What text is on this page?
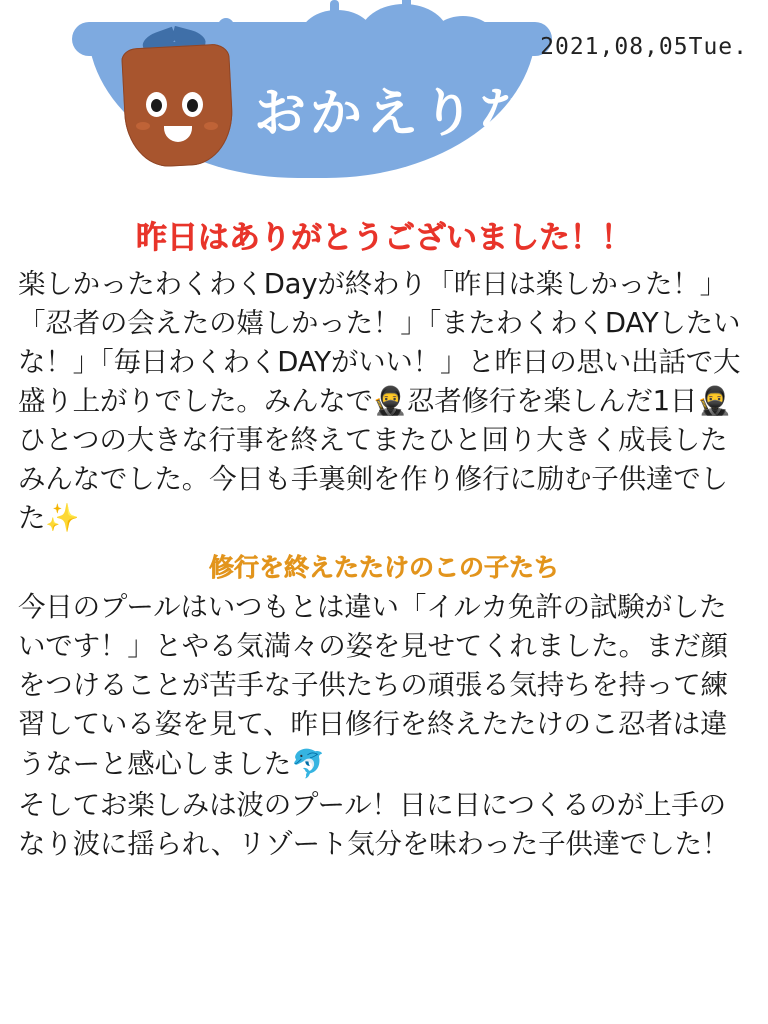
おかえりなさい
2021,08,05Tue.
昨日はありがとうございました！！

楽しかったわくわくDayが終わり「昨日は楽しかった！」「忍者の会えたの嬉しかった！」「またわくわくDAYしたいな！」「毎日わくわくDAYがいい！」と昨日の思い出話で大盛り上がりでした。みんなで🥷忍者修行を楽しんだ1日🥷ひとつの大きな行事を終えてまたひと回り大きく成長したみんなでした。今日も手裏剣を作り修行に励む子供達でした✨

修行を終えたたけのこの子たち

今日のプールはいつもとは違い「イルカ免許の試験がしたいです！」とやる気満々の姿を見せてくれました。まだ顔をつけることが苦手な子供たちの頑張る気持ちを持って練習している姿を見て、昨日修行を終えたたけのこ忍者は違うなーと感心しました🐬

そしてお楽しみは波のプール！日に日につくるのが上手のなり波に揺られ、リゾート気分を味わった子供達でした！
